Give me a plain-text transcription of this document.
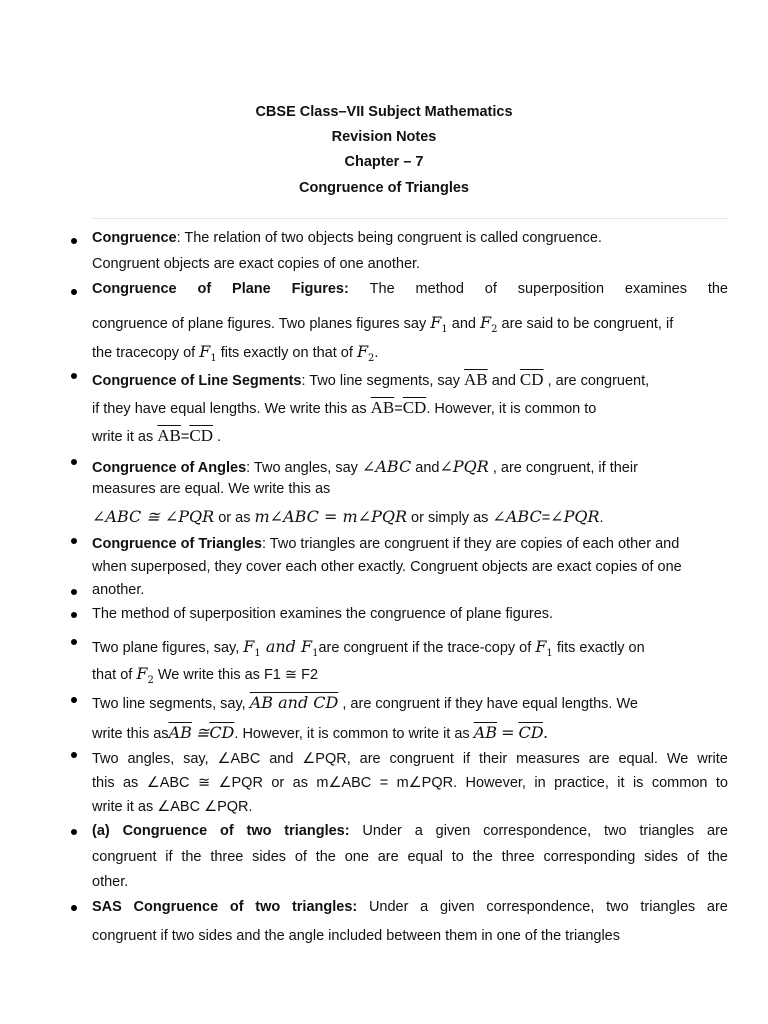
CBSE Class–VII Subject Mathematics
Revision Notes
Chapter – 7
Congruence of Triangles
Congruence: The relation of two objects being congruent is called congruence.
Congruent objects are exact copies of one another.
Congruence of Plane Figures: The method of superposition examines the
congruence of plane figures. Two planes figures say $F_1$ and $F_2$ are said to be congruent, if
the tracecopy of $F_1$ fits exactly on that of $F_2$.
Congruence of Line Segments: Two line segments, say $\overline{AB}$ and $\overline{CD}$ , are congruent,
if they have equal lengths. We write this as $\overline{AB}=\overline{CD}$. However, it is common to
write it as $\overline{AB}=\overline{CD}$ .
Congruence of Angles: Two angles, say ∠ABC and∠PQR , are congruent, if their
measures are equal. We write this as
∠ABC ≅ ∠PQR or as m∠ABC = m∠PQR or simply as ∠ABC=∠PQR.
Congruence of Triangles: Two triangles are congruent if they are copies of each other and
when superposed, they cover each other exactly. Congruent objects are exact copies of one
another.
The method of superposition examines the congruence of plane figures.
Two plane figures, say, $F_1$ and $F_1are$ congruent if the trace-copy of $F_1$ fits exactly on
that of $F_2$ We write this as F1 ≅ F2
Two line segments, say, AB and CD , are congruent if they have equal lengths. We
write this $as\overline{AB}$ $≅\overline{CD}$. However, it is common to write it as $\overline{AB} = \overline{CD}$.
Two angles, say, ∠ABC and ∠PQR, are congruent if their measures are equal. We write
this as ∠ABC ≅ ∠PQR or as m∠ABC = m∠PQR. However, in practice, it is common to
write it as ∠ABC ∠PQR.
(a) Congruence of two triangles: Under a given correspondence, two triangles are
congruent if the three sides of the one are equal to the three corresponding sides of the
other.
SAS Congruence of two triangles: Under a given correspondence, two triangles are
congruent if two sides and the angle included between them in one of the triangles
